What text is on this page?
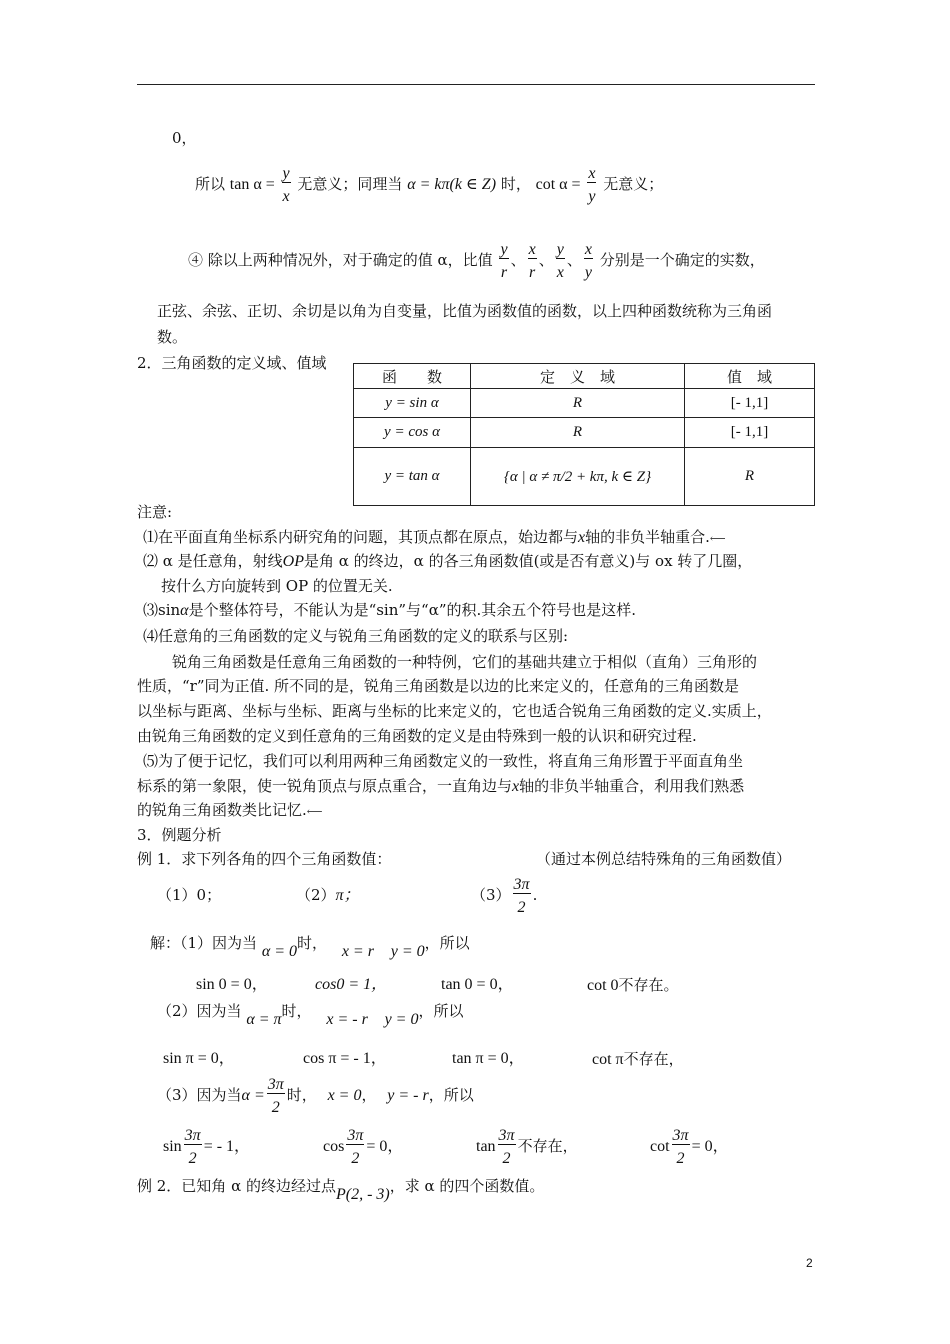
0，
所以 $\tan \alpha = \frac{y}{x}$ 无意义；同理当 α = kπ(k ∈ Z) 时， $\cot \alpha = \frac{x}{y}$ 无意义；
④ 除以上两种情况外，对于确定的值 α，比值 $\frac{y}{r}$ 、 $\frac{x}{r}$ 、 $\frac{y}{x}$ 、 $\frac{x}{y}$ 分别是一个确定的实数，
正弦、余弦、正切、余切是以角为自变量，比值为函数值的函数，以上四种函数统称为三角函
数。
2．三角函数的定义域、值域
函　　数	定　义　域	值　域
y = sin α	R	[- 1,1]
y = cos α	R	[- 1,1]
y = tan α	{α | α ≠ π/2 + kπ, k ∈ Z}	R
注意:
⑴在平面直角坐标系内研究角的问题，其顶点都在原点，始边都与x轴的非负半轴重合.⟵
⑵ α 是任意角，射线OP是角 α 的终边，α 的各三角函数值(或是否有意义)与 ox 转了几圈，
按什么方向旋转到 OP 的位置无关.
⑶sinα是个整体符号，不能认为是“sin”与“α”的积.其余五个符号也是这样.
⑷任意角的三角函数的定义与锐角三角函数的定义的联系与区别:
锐角三角函数是任意角三角函数的一种特例，它们的基础共建立于相似（直角）三角形的
性质，“r”同为正值. 所不同的是，锐角三角函数是以边的比来定义的，任意角的三角函数是
以坐标与距离、坐标与坐标、距离与坐标的比来定义的，它也适合锐角三角函数的定义.实质上，
由锐角三角函数的定义到任意角的三角函数的定义是由特殊到一般的认识和研究过程.
⑸为了便于记忆，我们可以利用两种三角函数定义的一致性，将直角三角形置于平面直角坐
标系的第一象限，使一锐角顶点与原点重合，一直角边与x轴的非负半轴重合，利用我们熟悉
的锐角三角函数类比记忆.⟵
3．例题分析
例 1．求下列各角的四个三角函数值：	（通过本例总结特殊角的三角函数值）
（1）0；	（2）π；	$(3) \frac{3\pi}{2}$ .
解：（1）因为当 α = 0时， x = r y = 0，所以
sin 0 = 0，	cos0 = 1，	tan 0 = 0，	cot 0不存在。
（2）因为当 α = π时， x = - r y = 0，所以
sin π = 0，	cos π = - 1，	tan π = 0，	cot π不存在，
（3）因为当$\alpha = \frac{3\pi}{2}$ 时， x = 0， y = - r，所以
$\sin \frac{3\pi}{2}$ = - 1，	$\cos \frac{3\pi}{2} = 0$，	$\tan \frac{3\pi}{2}$ 不存在，	$\cot \frac{3\pi}{2} = 0$，
例 2．已知角 α 的终边经过点P(2, - 3)，求 α 的四个函数值。
2
